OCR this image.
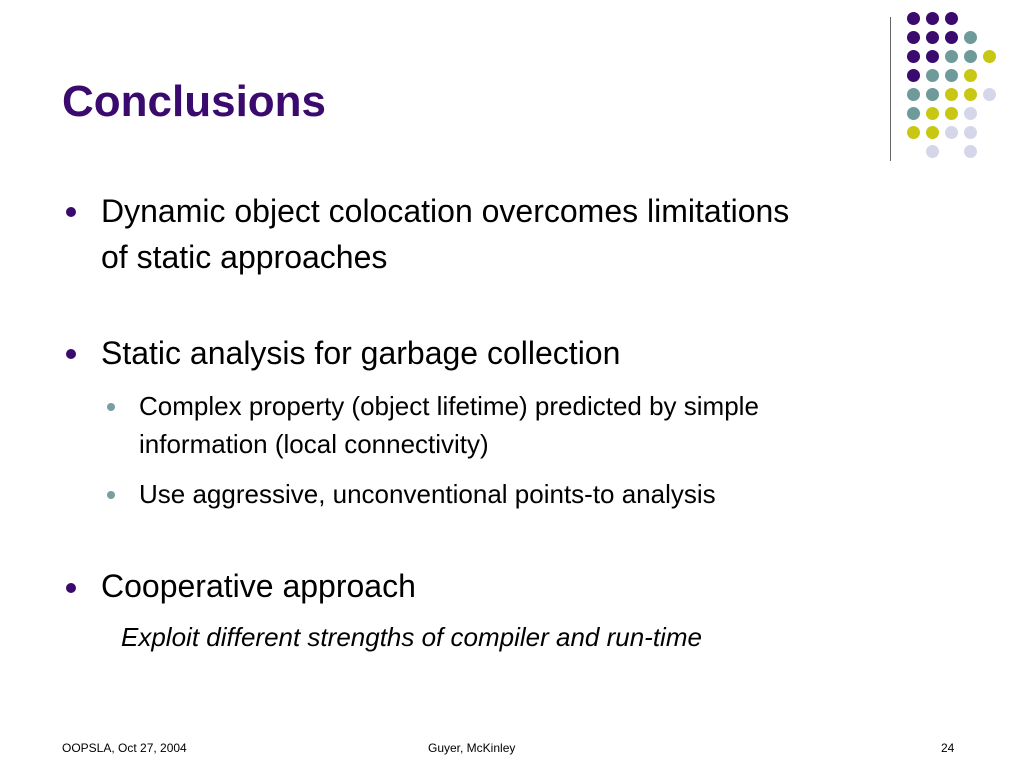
Conclusions
Dynamic object colocation overcomes limitations
of static approaches
Static analysis for garbage collection
Complex property (object lifetime) predicted by simple
information (local connectivity)
Use aggressive, unconventional points-to analysis
Cooperative approach
Exploit different strengths of compiler and run-time
OOPSLA, Oct 27, 2004	Guyer, McKinley	24
